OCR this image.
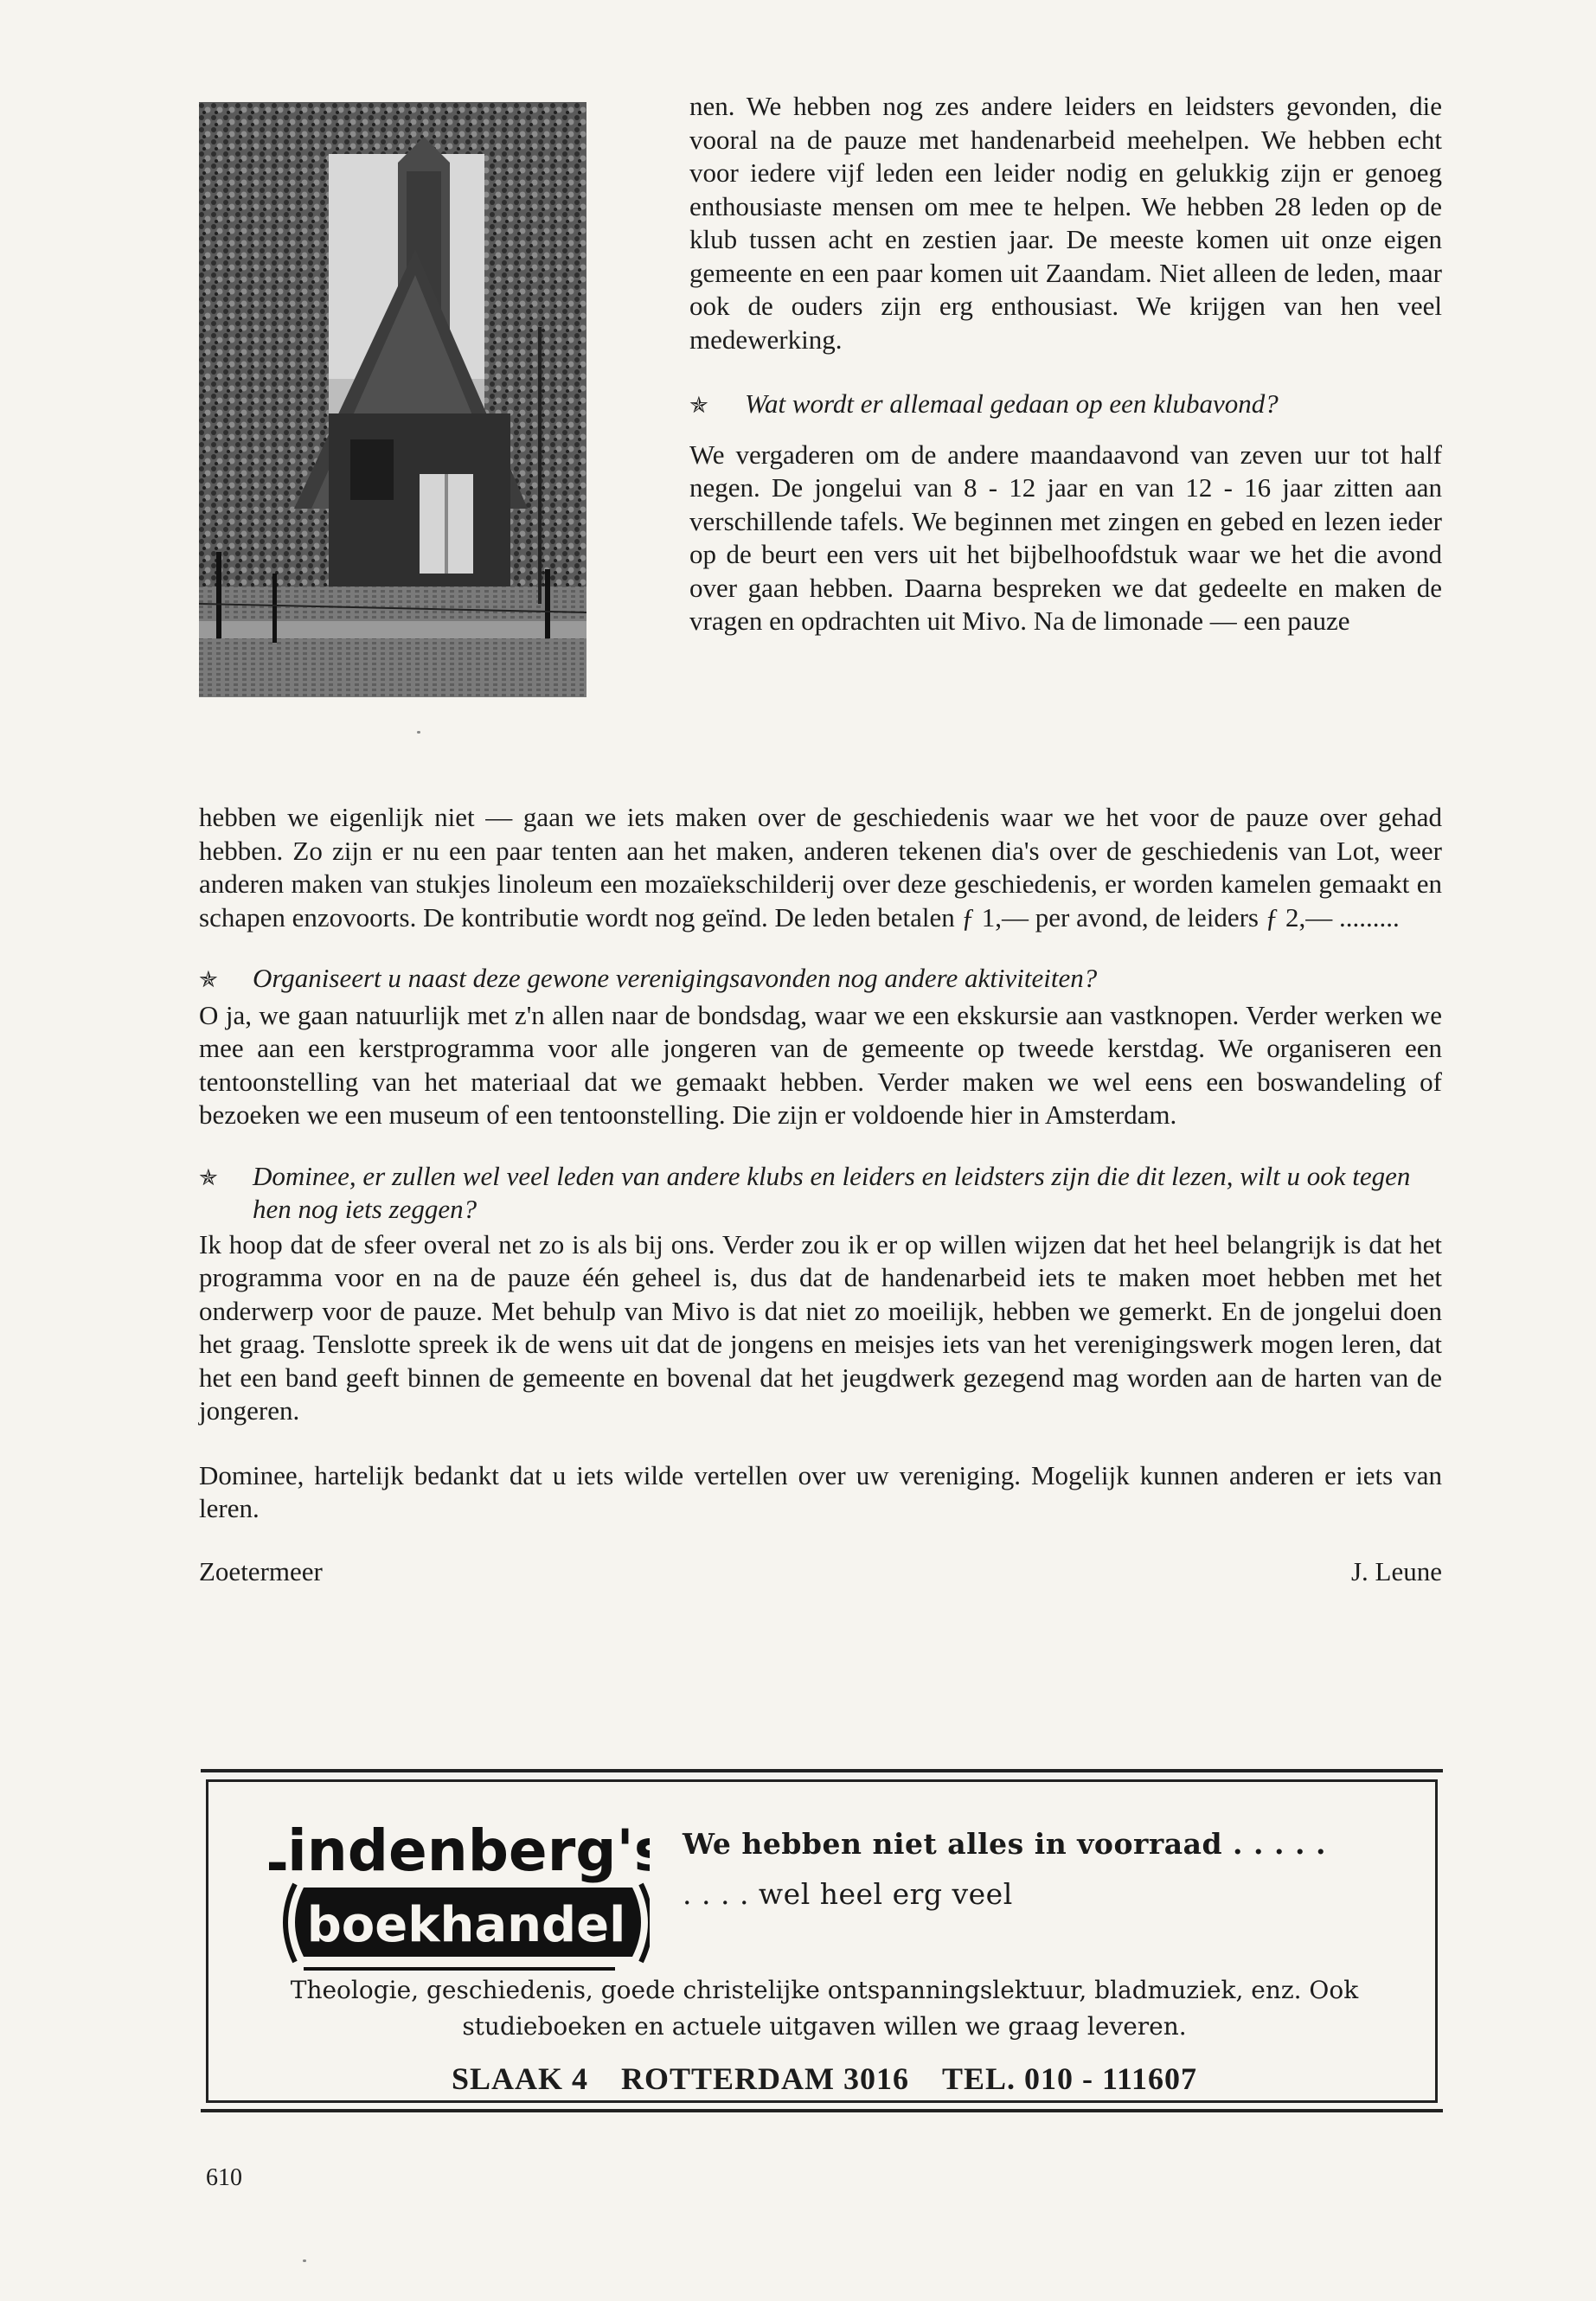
nen. We hebben nog zes andere leiders en leidsters gevonden, die vooral na de pauze met handenarbeid meehelpen. We hebben echt voor iedere vijf leden een leider nodig en gelukkig zijn er genoeg enthousiaste mensen om mee te helpen. We hebben 28 leden op de klub tussen acht en zestien jaar. De meeste komen uit onze eigen gemeente en een paar komen uit Zaandam. Niet alleen de leden, maar ook de ouders zijn erg enthousiast. We krijgen van hen veel medewerking.

✯	Wat wordt er allemaal gedaan op een klubavond?

We vergaderen om de andere maandaavond van zeven uur tot half negen. De jongelui van 8 - 12 jaar en van 12 - 16 jaar zitten aan verschillende tafels. We beginnen met zingen en gebed en lezen ieder op de beurt een vers uit het bijbelhoofdstuk waar we het die avond over gaan hebben. Daarna bespreken we dat gedeelte en maken de vragen en opdrachten uit Mivo. Na de limonade — een pauze

hebben we eigenlijk niet — gaan we iets maken over de geschiedenis waar we het voor de pauze over gehad hebben. Zo zijn er nu een paar tenten aan het maken, anderen tekenen dia's over de geschiedenis van Lot, weer anderen maken van stukjes linoleum een mozaïekschilderij over deze geschiedenis, er worden kamelen gemaakt en schapen enzovoorts. De kontributie wordt nog geïnd. De leden betalen ƒ 1,— per avond, de leiders ƒ 2,— .........

✯	Organiseert u naast deze gewone verenigingsavonden nog andere aktiviteiten?

O ja, we gaan natuurlijk met z'n allen naar de bondsdag, waar we een ekskursie aan vastknopen. Verder werken we mee aan een kerstprogramma voor alle jongeren van de gemeente op tweede kerstdag. We organiseren een tentoonstelling van het materiaal dat we gemaakt hebben. Verder maken we wel eens een boswandeling of bezoeken we een museum of een tentoonstelling. Die zijn er voldoende hier in Amsterdam.

✯	Dominee, er zullen wel veel leden van andere klubs en leiders en leidsters zijn die dit lezen, wilt u ook tegen hen nog iets zeggen?

Ik hoop dat de sfeer overal net zo is als bij ons. Verder zou ik er op willen wijzen dat het heel belangrijk is dat het programma voor en na de pauze één geheel is, dus dat de handenarbeid iets te maken moet hebben met het onderwerp voor de pauze. Met behulp van Mivo is dat niet zo moeilijk, hebben we gemerkt. En de jongelui doen het graag. Tenslotte spreek ik de wens uit dat de jongens en meisjes iets van het verenigingswerk mogen leren, dat het een band geeft binnen de gemeente en bovenal dat het jeugdwerk gezegend mag worden aan de harten van de jongeren.

Dominee, hartelijk bedankt dat u iets wilde vertellen over uw vereniging. Mogelijk kunnen anderen er iets van leren.

Zoetermeer	J. Leune
Lindenberg's
boekhandel
We hebben niet alles in voorraad . . . . .
. . . . wel heel erg veel
Theologie, geschiedenis, goede christelijke ontspanningslektuur, bladmuziek, enz. Ook studieboeken en actuele uitgaven willen we graag leveren.
SLAAK 4 ROTTERDAM 3016 TEL. 010 - 111607
610
